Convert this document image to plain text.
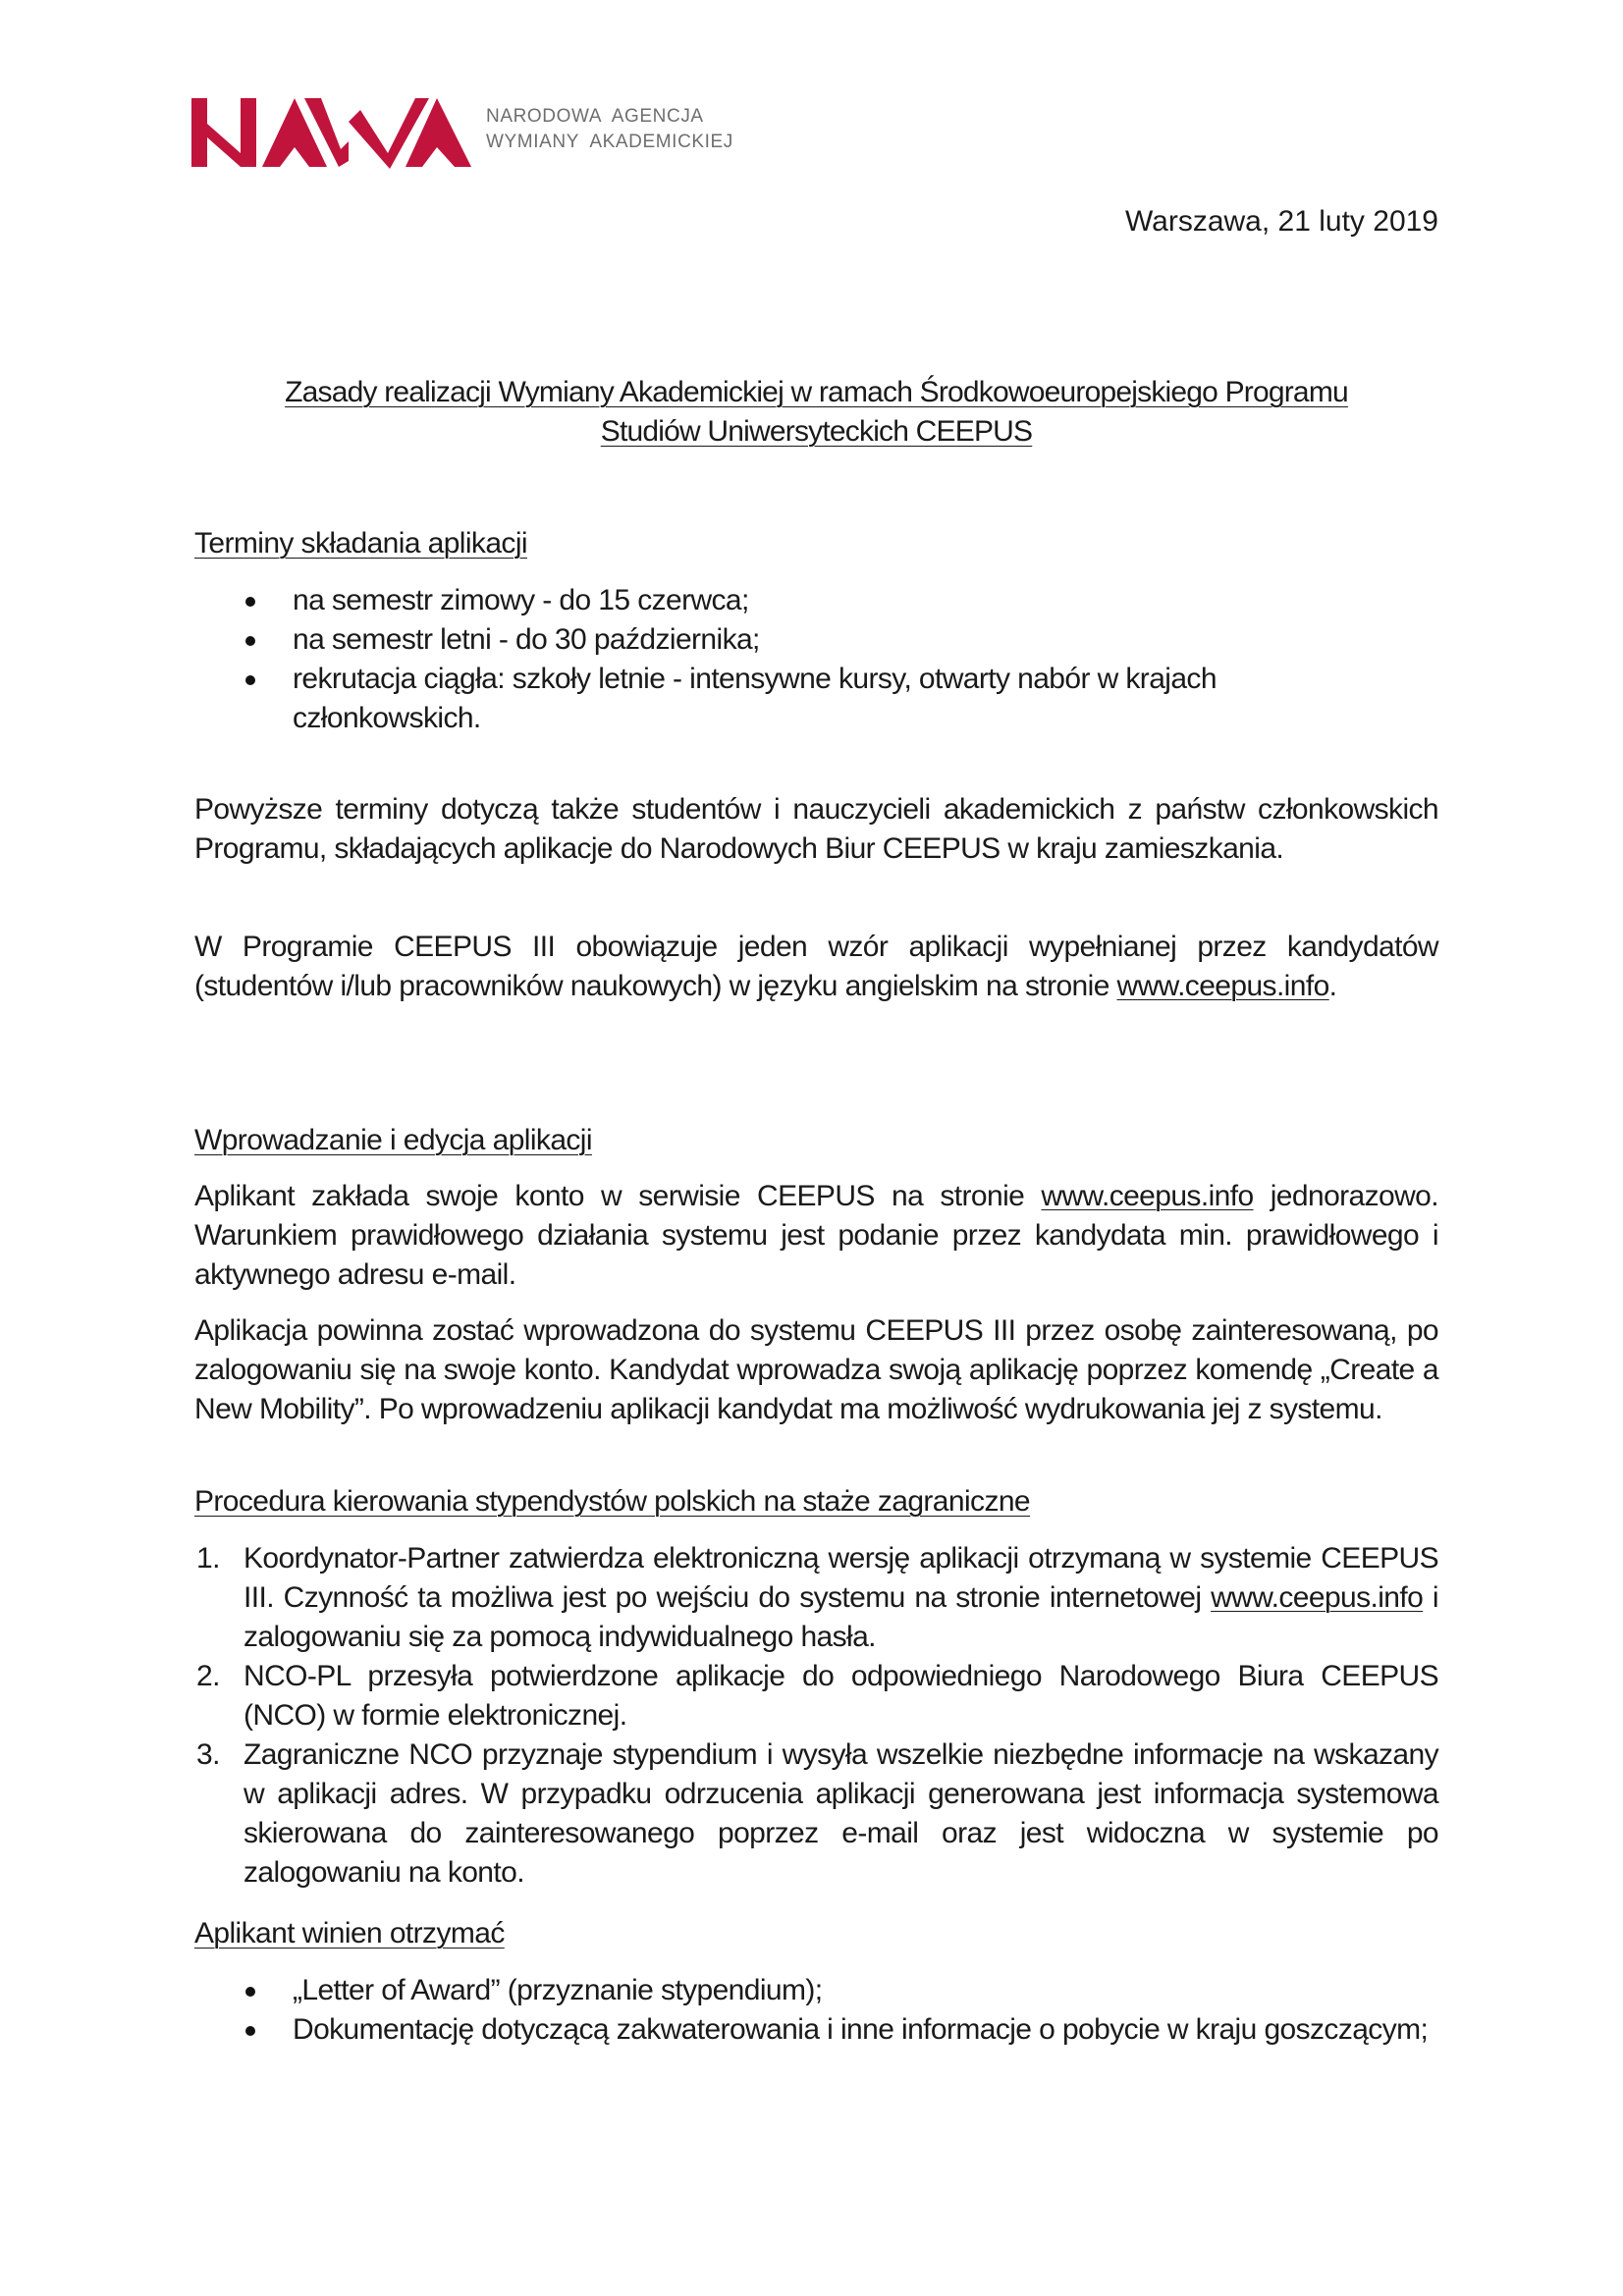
NARODOWA  AGENCJA
WYMIANY  AKADEMICKIEJ
Warszawa, 21 luty 2019
Zasady realizacji Wymiany Akademickiej w ramach Środkowoeuropejskiego Programu
Studiów Uniwersyteckich CEEPUS
Terminy składania aplikacji
na semestr zimowy - do 15 czerwca;
na semestr letni - do 30 października;
rekrutacja ciągła: szkoły letnie - intensywne kursy, otwarty nabór w krajach członkowskich.
Powyższe terminy dotyczą także studentów i nauczycieli akademickich z państw członkowskich Programu, składających aplikacje do Narodowych Biur CEEPUS w kraju zamieszkania.
W Programie CEEPUS III obowiązuje jeden wzór aplikacji wypełnianej przez kandydatów (studentów i/lub pracowników naukowych) w języku angielskim na stronie www.ceepus.info.
Wprowadzanie i edycja aplikacji
Aplikant zakłada swoje konto w serwisie CEEPUS na stronie www.ceepus.info jednorazowo. Warunkiem prawidłowego działania systemu jest podanie przez kandydata min. prawidłowego i aktywnego adresu e-mail.
Aplikacja powinna zostać wprowadzona do systemu CEEPUS III przez osobę zainteresowaną, po zalogowaniu się na swoje konto. Kandydat wprowadza swoją aplikację poprzez komendę „Create a New Mobility”. Po wprowadzeniu aplikacji kandydat ma możliwość wydrukowania jej z systemu.
Procedura kierowania stypendystów polskich na staże zagraniczne
1. Koordynator-Partner zatwierdza elektroniczną wersję aplikacji otrzymaną w systemie CEEPUS III. Czynność ta możliwa jest po wejściu do systemu na stronie internetowej www.ceepus.info i zalogowaniu się za pomocą indywidualnego hasła.
2. NCO-PL przesyła potwierdzone aplikacje do odpowiedniego Narodowego Biura CEEPUS (NCO) w formie elektronicznej.
3. Zagraniczne NCO przyznaje stypendium i wysyła wszelkie niezbędne informacje na wskazany w aplikacji adres. W przypadku odrzucenia aplikacji generowana jest informacja systemowa skierowana do zainteresowanego poprzez e-mail oraz jest widoczna w systemie po zalogowaniu na konto.
Aplikant winien otrzymać
„Letter of Award” (przyznanie stypendium);
Dokumentację dotyczącą zakwaterowania i inne informacje o pobycie w kraju goszczącym;
